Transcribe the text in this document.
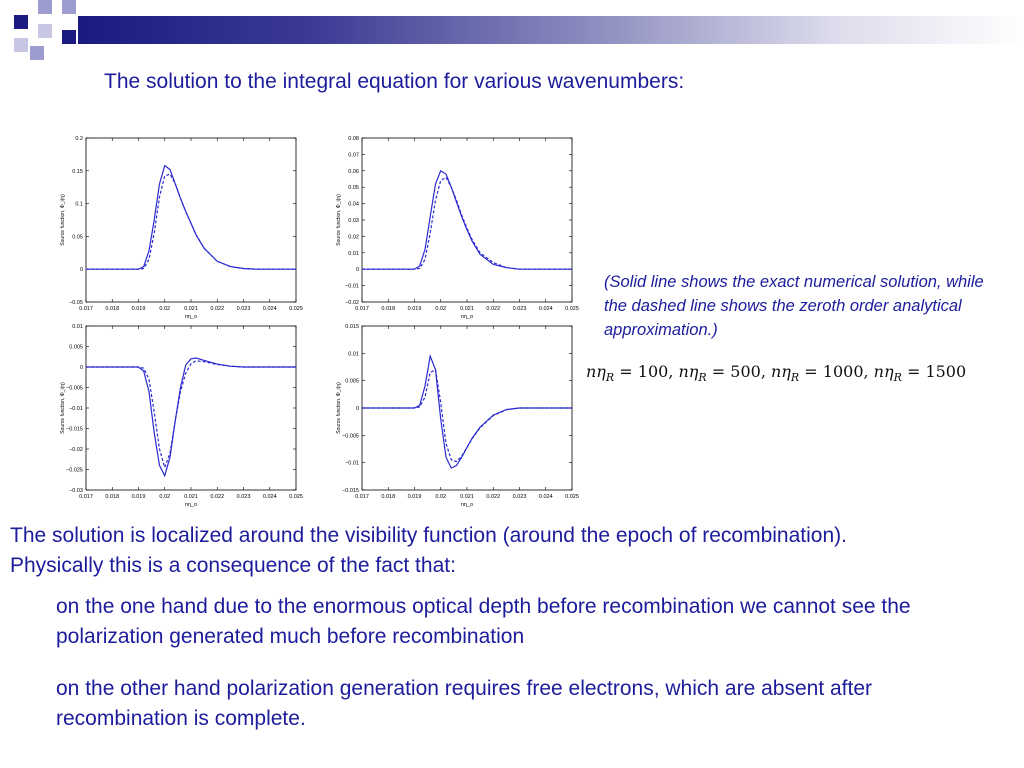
The solution to the integral equation for various wavenumbers:
0.017 0.018 0.019	0.02	0.021 0.022 0.023 0.024 0.025
−0.05
0
0.05
0.1
0.15
0.2
nη_o
Source function, Φ_i(η)
0.017 0.018 0.019	0.02	0.021 0.022 0.023 0.024 0.025
−0.02
−0.01
0
0.01
0.02
0.03
0.04
0.05
0.06
0.07
0.08
nη_o
Source function, Φ_i(η)
0.017 0.018 0.019	0.02	0.021 0.022 0.023 0.024 0.025
−0.03
−0.025
−0.02
−0.015
−0.01
−0.005
0
0.005
0.01
nη_o
Source function, Φ_i(η)
0.017 0.018 0.019	0.02	0.021 0.022 0.023 0.024 0.025
−0.015
−0.01
−0.005
0
0.005
0.01
0.015
nη_o
Source function, Φ_i(η)
(Solid line shows the exact numerical solution, while the dashed line shows the zeroth order analytical approximation.)
$n\eta_R = 100$, $n\eta_R = 500$, $n\eta_R = 1000$, $n\eta_R = 1500$
The solution is localized around the visibility function (around the epoch of recombination).
Physically this is a consequence of the fact that:
on the one hand due to the enormous optical depth before recombination we cannot see the polarization generated much before recombination
on the other hand polarization generation requires free electrons, which are absent after recombination is complete.
